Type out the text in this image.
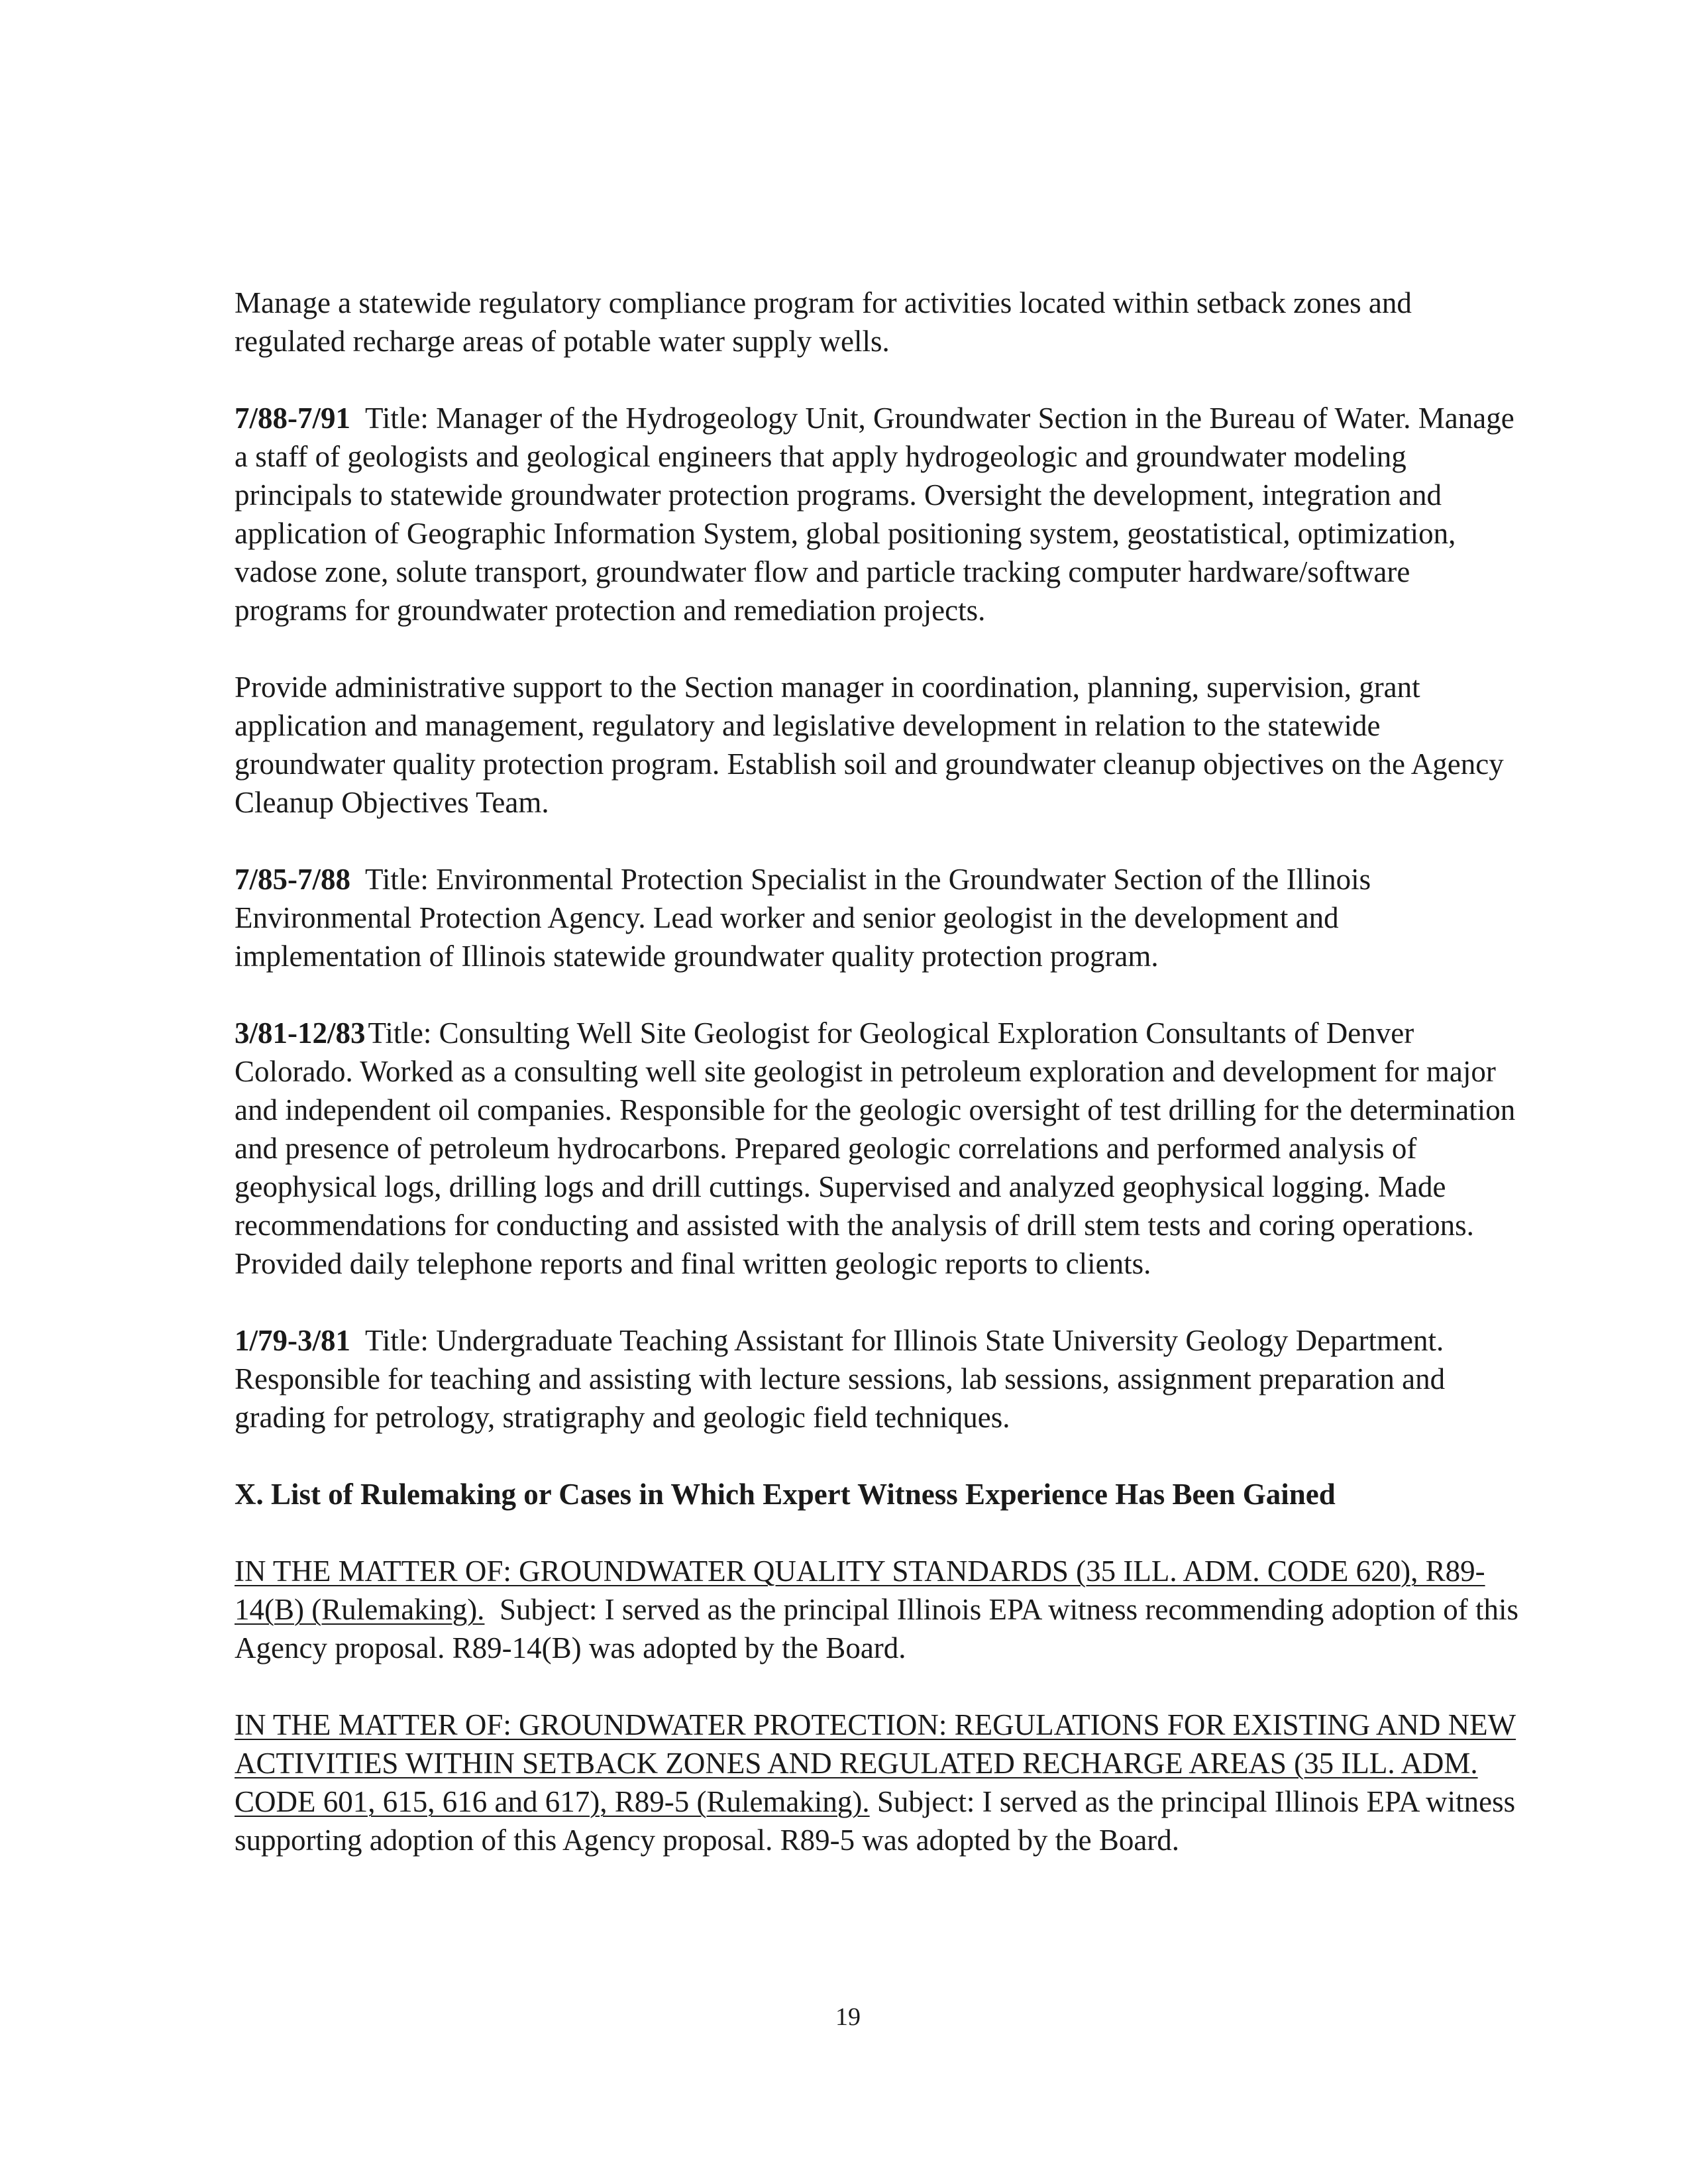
Manage a statewide regulatory compliance program for activities located within setback zones and regulated recharge areas of potable water supply wells.

7/88-7/91 Title: Manager of the Hydrogeology Unit, Groundwater Section in the Bureau of Water. Manage a staff of geologists and geological engineers that apply hydrogeologic and groundwater modeling principals to statewide groundwater protection programs. Oversight the development, integration and application of Geographic Information System, global positioning system, geostatistical, optimization, vadose zone, solute transport, groundwater flow and particle tracking computer hardware/software programs for groundwater protection and remediation projects.

Provide administrative support to the Section manager in coordination, planning, supervision, grant application and management, regulatory and legislative development in relation to the statewide groundwater quality protection program. Establish soil and groundwater cleanup objectives on the Agency Cleanup Objectives Team.

7/85-7/88 Title: Environmental Protection Specialist in the Groundwater Section of the Illinois Environmental Protection Agency. Lead worker and senior geologist in the development and implementation of Illinois statewide groundwater quality protection program.

3/81-12/83Title: Consulting Well Site Geologist for Geological Exploration Consultants of Denver Colorado. Worked as a consulting well site geologist in petroleum exploration and development for major and independent oil companies. Responsible for the geologic oversight of test drilling for the determination and presence of petroleum hydrocarbons. Prepared geologic correlations and performed analysis of geophysical logs, drilling logs and drill cuttings. Supervised and analyzed geophysical logging. Made recommendations for conducting and assisted with the analysis of drill stem tests and coring operations. Provided daily telephone reports and final written geologic reports to clients.

1/79-3/81 Title: Undergraduate Teaching Assistant for Illinois State University Geology Department. Responsible for teaching and assisting with lecture sessions, lab sessions, assignment preparation and grading for petrology, stratigraphy and geologic field techniques.

X. List of Rulemaking or Cases in Which Expert Witness Experience Has Been Gained

IN THE MATTER OF: GROUNDWATER QUALITY STANDARDS (35 ILL. ADM. CODE 620), R89-14(B) (Rulemaking). Subject: I served as the principal Illinois EPA witness recommending adoption of this Agency proposal. R89-14(B) was adopted by the Board.

IN THE MATTER OF: GROUNDWATER PROTECTION: REGULATIONS FOR EXISTING AND NEW ACTIVITIES WITHIN SETBACK ZONES AND REGULATED RECHARGE AREAS (35 ILL. ADM. CODE 601, 615, 616 and 617), R89-5 (Rulemaking). Subject: I served as the principal Illinois EPA witness supporting adoption of this Agency proposal. R89-5 was adopted by the Board.

19
